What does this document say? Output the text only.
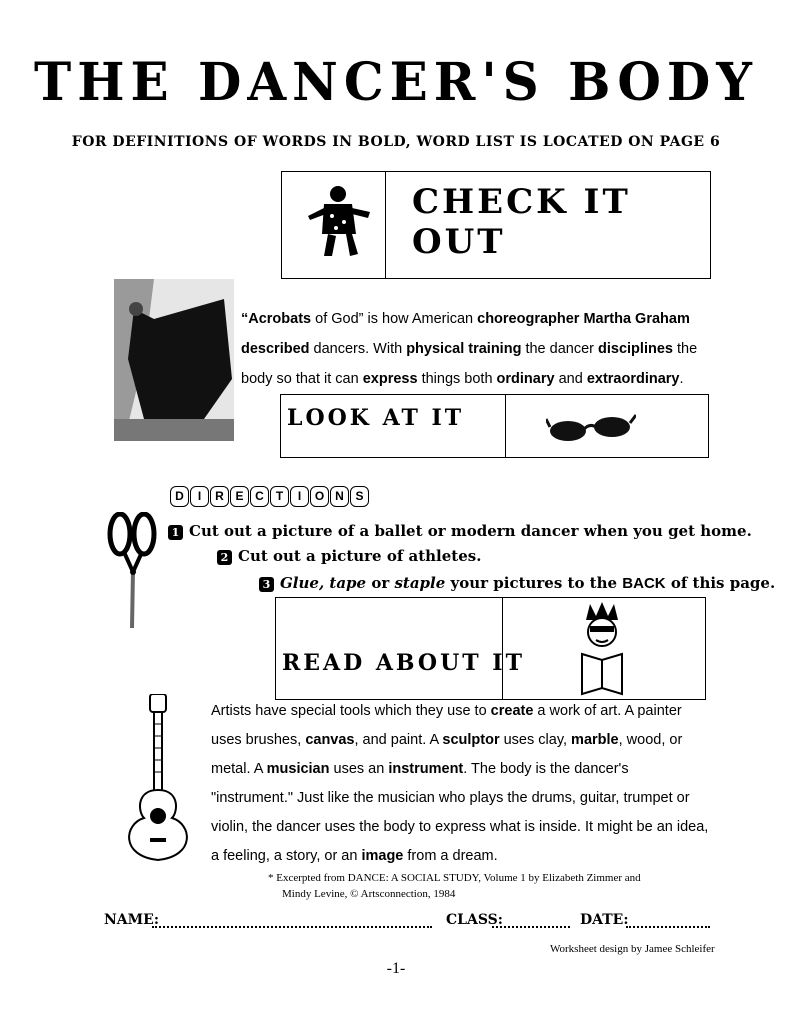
THE DANCER'S BODY
FOR DEFINITIONS OF WORDS IN BOLD, WORD LIST IS LOCATED ON PAGE 6
CHECK IT OUT
“Acrobats of God” is how American choreographer Martha Graham
described dancers. With physical training the dancer disciplines the
body so that it can express things both ordinary and extraordinary.
LOOK AT IT
D I R E C T I O N S
1 Cut out a picture of a ballet or modern dancer when you get home.
2 Cut out a picture of athletes.
3 Glue, tape or staple your pictures to the BACK of this page.
READ ABOUT IT
Artists have special tools which they use to create a work of art. A painter
uses brushes, canvas, and paint. A sculptor uses clay, marble, wood, or
metal. A musician uses an instrument. The body is the dancer's
"instrument." Just like the musician who plays the drums, guitar, trumpet or
violin, the dancer uses the body to express what is inside. It might be an idea,
a feeling, a story, or an image from a dream.
* Excerpted from DANCE: A SOCIAL STUDY, Volume 1 by Elizabeth Zimmer and
Mindy Levine, © Artsconnection, 1984
NAME:	CLASS:	DATE:
Worksheet design by Jamee Schleifer
-1-
